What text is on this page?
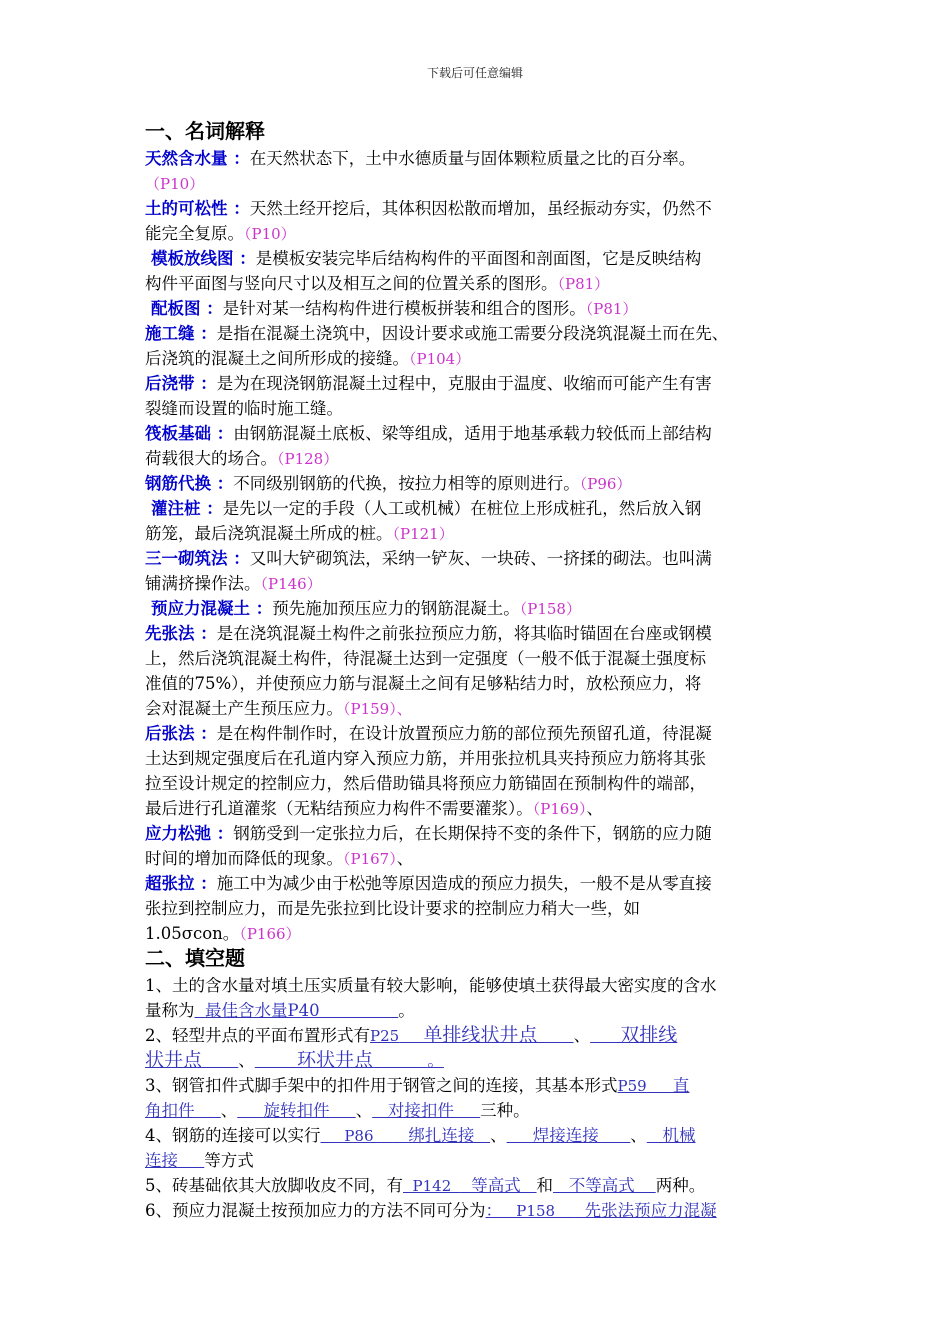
下载后可任意编辑
一、名词解释
天然含水量 ：在天然状态下，土中水德质量与固体颗粒质量之比的百分率。
（P10）
土的可松性 ：天然土经开挖后，其体积因松散而增加，虽经振动夯实，仍然不
能完全复原。（P10）
模板放线图 ：是模板安装完毕后结构构件的平面图和剖面图，它是反映结构
构件平面图与竖向尺寸以及相互之间的位置关系的图形。（P81）
配板图 ：是针对某一结构构件进行模板拼装和组合的图形。（P81）
施工缝 ：是指在混凝土浇筑中，因设计要求或施工需要分段浇筑混凝土而在先、
后浇筑的混凝土之间所形成的接缝。（P104）
后浇带 ：是为在现浇钢筋混凝土过程中，克服由于温度、收缩而可能产生有害
裂缝而设置的临时施工缝。
筏板基础 ：由钢筋混凝土底板、梁等组成，适用于地基承载力较低而上部结构
荷载很大的场合。（P128）
钢筋代换 ：不同级别钢筋的代换，按拉力相等的原则进行。（P96）
灌注桩 ：是先以一定的手段（人工或机械）在桩位上形成桩孔，然后放入钢
筋笼，最后浇筑混凝土所成的桩。（P121）
三一砌筑法 ：又叫大铲砌筑法，采纳一铲灰、一块砖、一挤揉的砌法。也叫满
铺满挤操作法。（P146）
预应力混凝土 ：预先施加预压应力的钢筋混凝土。（P158）
先张法 ：是在浇筑混凝土构件之前张拉预应力筋，将其临时锚固在台座或钢模
上，然后浇筑混凝土构件，待混凝土达到一定强度（一般不低于混凝土强度标
准值的75%），并使预应力筋与混凝土之间有足够粘结力时，放松预应力，将
会对混凝土产生预压应力。（P159）、
后张法 ：是在构件制作时，在设计放置预应力筋的部位预先预留孔道，待混凝
土达到规定强度后在孔道内穿入预应力筋，并用张拉机具夹持预应力筋将其张
拉至设计规定的控制应力，然后借助锚具将预应力筋锚固在预制构件的端部，
最后进行孔道灌浆（无粘结预应力构件不需要灌浆）。（P169）、
应力松弛 ：钢筋受到一定张拉力后，在长期保持不变的条件下，钢筋的应力随
时间的增加而降低的现象。（P167）、
超张拉 ：施工中为减少由于松弛等原因造成的预应力损失，一般不是从零直接
张拉到控制应力，而是先张拉到比设计要求的控制应力稍大一些，如
1.05σcon。（P166）
二、填空题
1、土的含水量对填土压实质量有较大影响，能够使填土获得最大密实度的含水
量称为  最佳含水量P40               。
2、轻型井点的平面布置形式有P25    单排线状井点      、     双排线
状井点      、       环状井点         。
3、钢管扣件式脚手架中的扣件用于钢管之间的连接，其基本形式P59     直
角扣件     、     旋转扣件     、   对接扣件     三种。
4、钢筋的连接可以实行     P86       绑扎连接   、     焊接连接      、   机械
连接     等方式
5、砖基础依其大放脚收皮不同，有  P142    等高式   和   不等高式    两种。
6、预应力混凝土按预加应力的方法不同可分为：   P158      先张法预应力混凝
